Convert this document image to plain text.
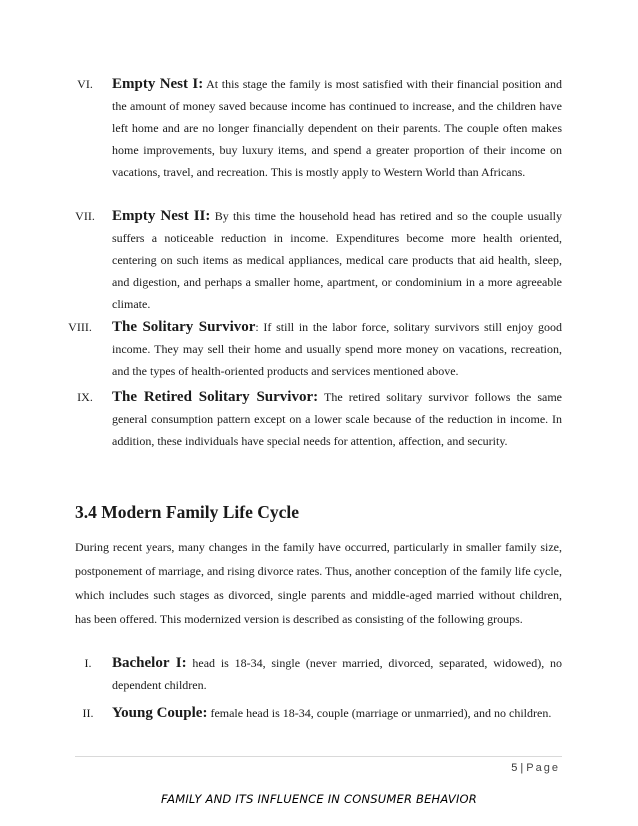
VI.	Empty Nest I: At this stage the family is most satisfied with their financial position and the amount of money saved because income has continued to increase, and the children have left home and are no longer financially dependent on their parents. The couple often makes home improvements, buy luxury items, and spend a greater proportion of their income on vacations, travel, and recreation. This is mostly apply to Western World than Africans.
VII.	Empty Nest II: By this time the household head has retired and so the couple usually suffers a noticeable reduction in income. Expenditures become more health oriented, centering on such items as medical appliances, medical care products that aid health, sleep, and digestion, and perhaps a smaller home, apartment, or condominium in a more agreeable climate.
VIII.	The Solitary Survivor: If still in the labor force, solitary survivors still enjoy good income. They may sell their home and usually spend more money on vacations, recreation, and the types of health-oriented products and services mentioned above.
IX.	The Retired Solitary Survivor: The retired solitary survivor follows the same general consumption pattern except on a lower scale because of the reduction in income. In addition, these individuals have special needs for attention, affection, and security.
3.4 Modern Family Life Cycle

During recent years, many changes in the family have occurred, particularly in smaller family size, postponement of marriage, and rising divorce rates. Thus, another conception of the family life cycle, which includes such stages as divorced, single parents and middle-aged married without children, has been offered. This modernized version is described as consisting of the following groups.

I.	Bachelor I: head is 18-34, single (never married, divorced, separated, widowed), no dependent children.
II.	Young Couple: female head is 18-34, couple (marriage or unmarried), and no children.
5 | Page
FAMILY AND ITS INFLUENCE IN CONSUMER BEHAVIOR
